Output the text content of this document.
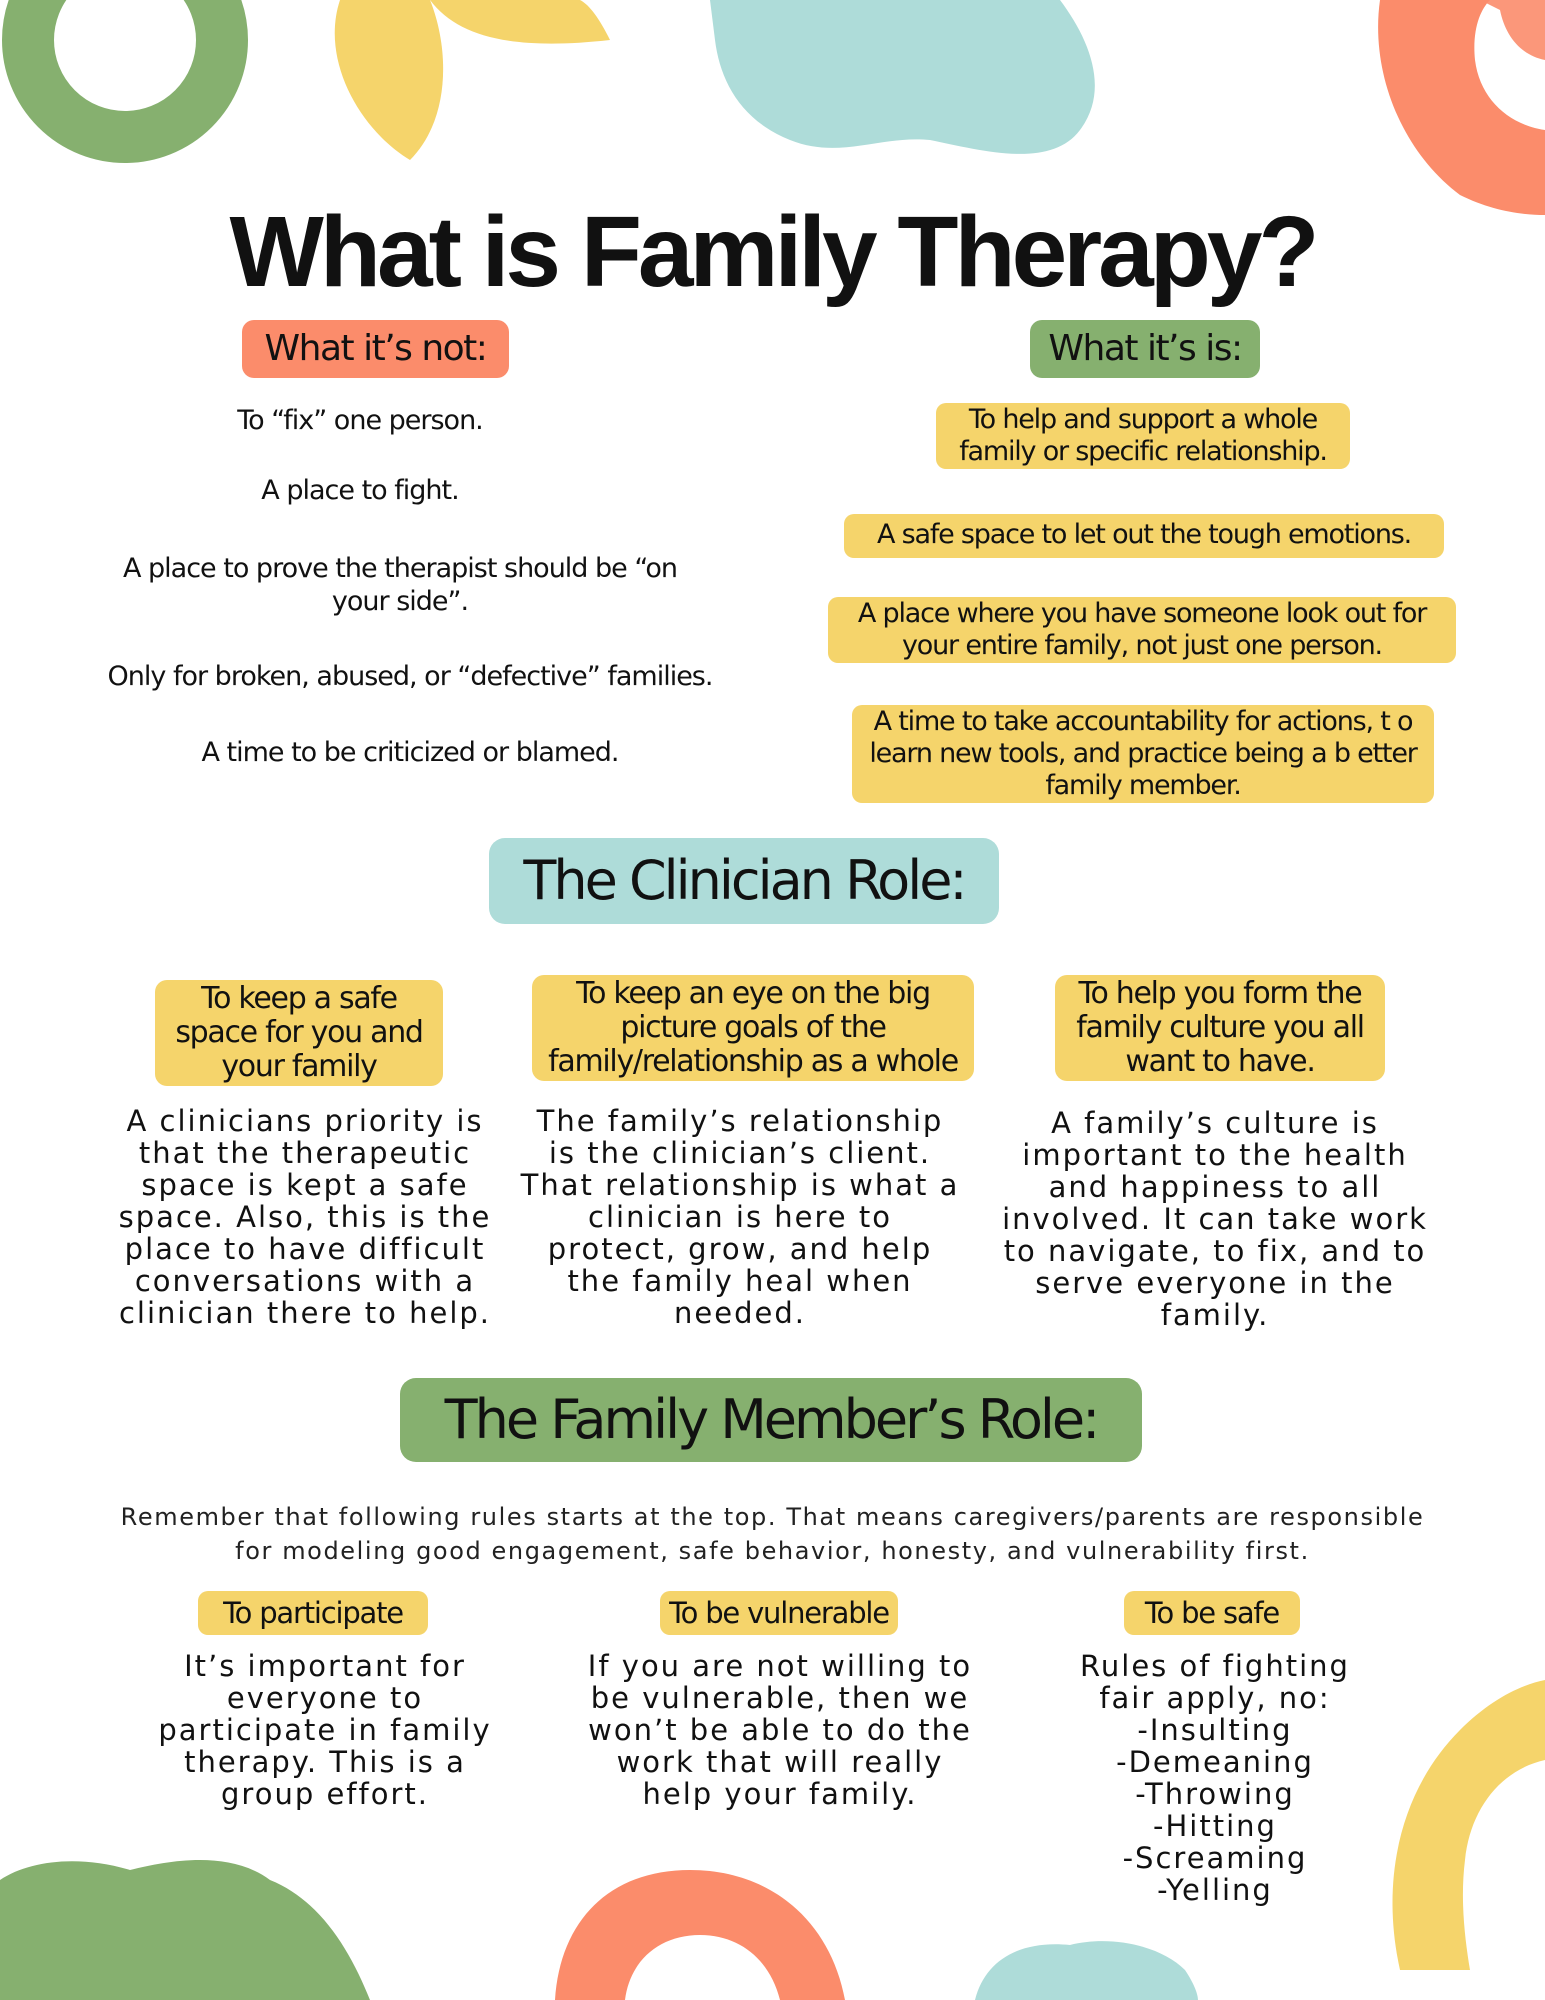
What is Family Therapy?
What it’s not:
To “fix” one person.
A place to fight.
A place to prove the therapist should be “on your side”.
Only for broken, abused, or “defective” families.
A time to be criticized or blamed.
What it’s is:
To help and support a whole family or specific relationship.
A safe space to let out the tough emotions.
A place where you have someone look out for your entire family, not just one person.
A time to take accountability for actions, t o learn new tools, and practice being a b etter family member.
The Clinician Role:
To keep a safe space for you and your family
A clinicians priority is that the therapeutic space is kept a safe space. Also, this is the place to have difficult conversations with a clinician there to help.
To keep an eye on the big picture goals of the family/relationship as a whole
The family’s relationship is the clinician’s client. That relationship is what a clinician is here to protect, grow, and help the family heal when needed.
To help you form the family culture you all want to have.
A family’s culture is important to the health and happiness to all involved. It can take work to navigate, to fix, and to serve everyone in the family.
The Family Member’s Role:
Remember that following rules starts at the top. That means caregivers/parents are responsible for modeling good engagement, safe behavior, honesty, and vulnerability first.
To participate
It’s important for everyone to participate in family therapy. This is a group effort.
To be vulnerable
If you are not willing to be vulnerable, then we won’t be able to do the work that will really help your family.
To be safe
Rules of fighting fair apply, no:
-Insulting
-Demeaning
-Throwing
-Hitting
-Screaming
-Yelling
